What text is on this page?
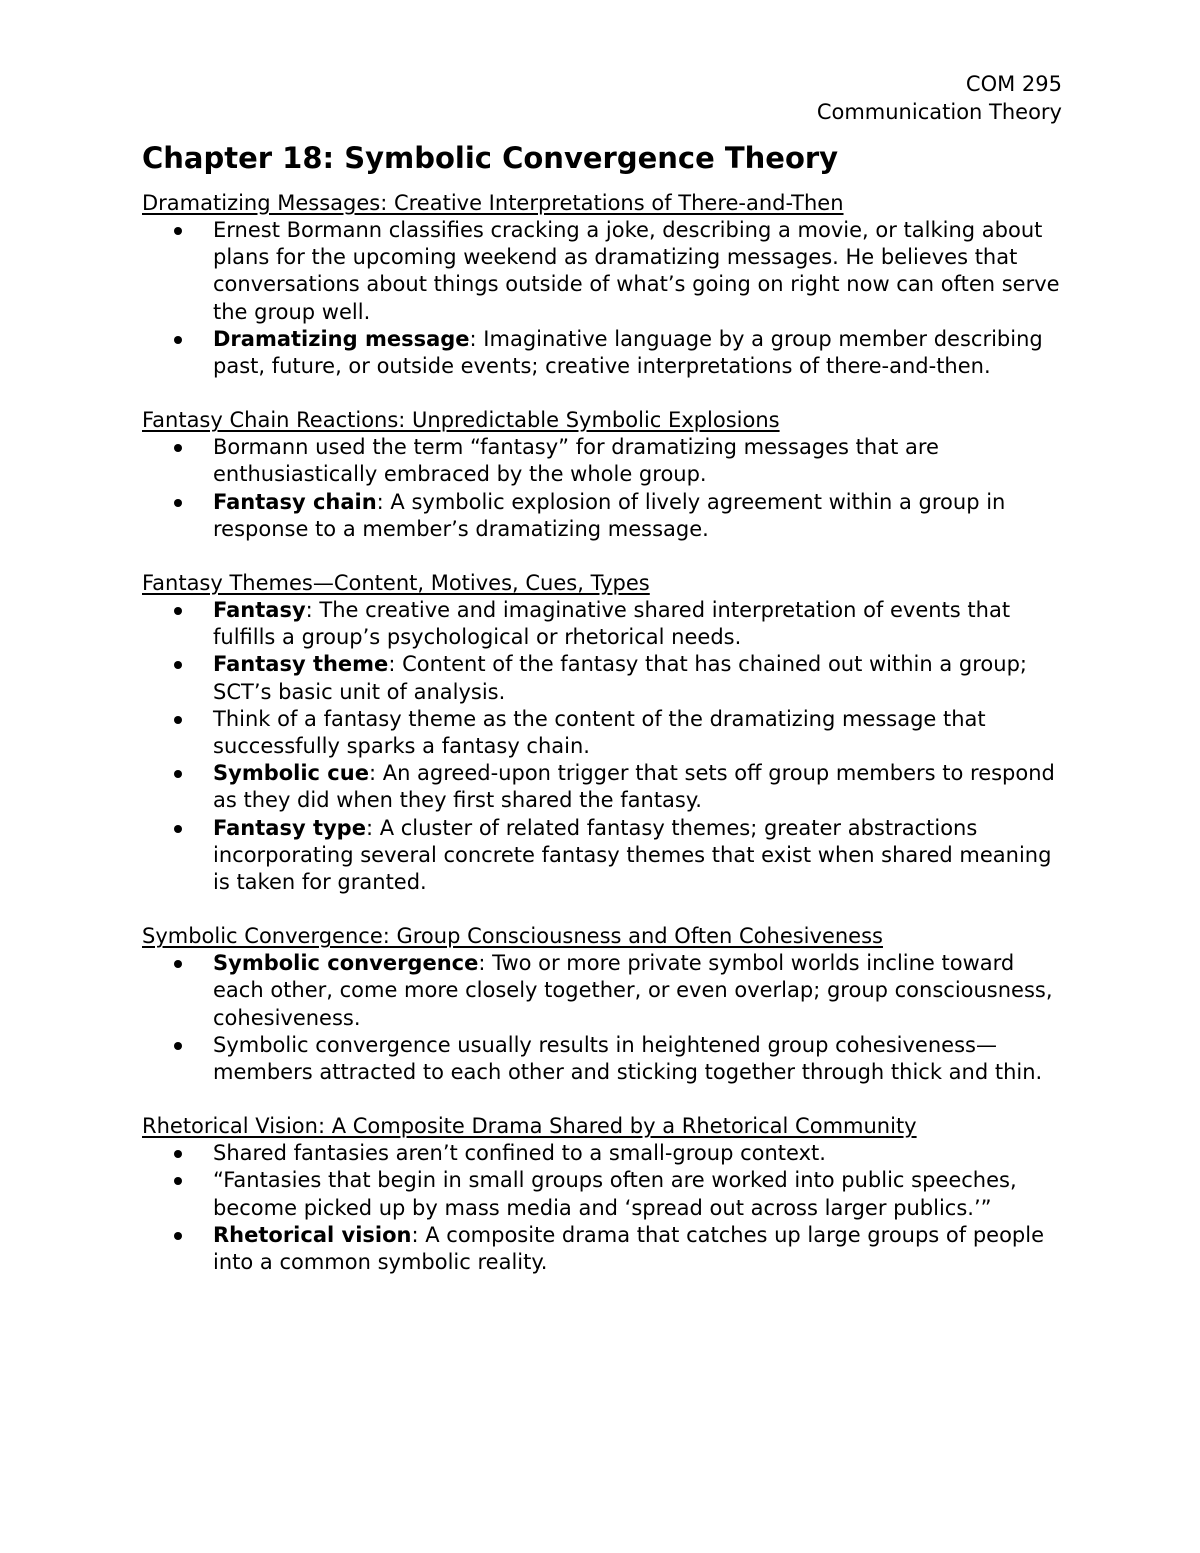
COM 295
Communication Theory
Chapter 18: Symbolic Convergence Theory
Dramatizing Messages: Creative Interpretations of There-and-Then
Ernest Bormann classifies cracking a joke, describing a movie, or talking about plans for the upcoming weekend as dramatizing messages. He believes that conversations about things outside of what’s going on right now can often serve the group well.
Dramatizing message: Imaginative language by a group member describing past, future, or outside events; creative interpretations of there-and-then.
Fantasy Chain Reactions: Unpredictable Symbolic Explosions
Bormann used the term “fantasy” for dramatizing messages that are enthusiastically embraced by the whole group.
Fantasy chain: A symbolic explosion of lively agreement within a group in response to a member’s dramatizing message.
Fantasy Themes—Content, Motives, Cues, Types
Fantasy: The creative and imaginative shared interpretation of events that fulfills a group’s psychological or rhetorical needs.
Fantasy theme: Content of the fantasy that has chained out within a group; SCT’s basic unit of analysis.
Think of a fantasy theme as the content of the dramatizing message that successfully sparks a fantasy chain.
Symbolic cue: An agreed-upon trigger that sets off group members to respond as they did when they first shared the fantasy.
Fantasy type: A cluster of related fantasy themes; greater abstractions incorporating several concrete fantasy themes that exist when shared meaning is taken for granted.
Symbolic Convergence: Group Consciousness and Often Cohesiveness
Symbolic convergence: Two or more private symbol worlds incline toward each other, come more closely together, or even overlap; group consciousness, cohesiveness.
Symbolic convergence usually results in heightened group cohesiveness—members attracted to each other and sticking together through thick and thin.
Rhetorical Vision: A Composite Drama Shared by a Rhetorical Community
Shared fantasies aren’t confined to a small-group context.
“Fantasies that begin in small groups often are worked into public speeches, become picked up by mass media and ‘spread out across larger publics.’”
Rhetorical vision: A composite drama that catches up large groups of people into a common symbolic reality.
